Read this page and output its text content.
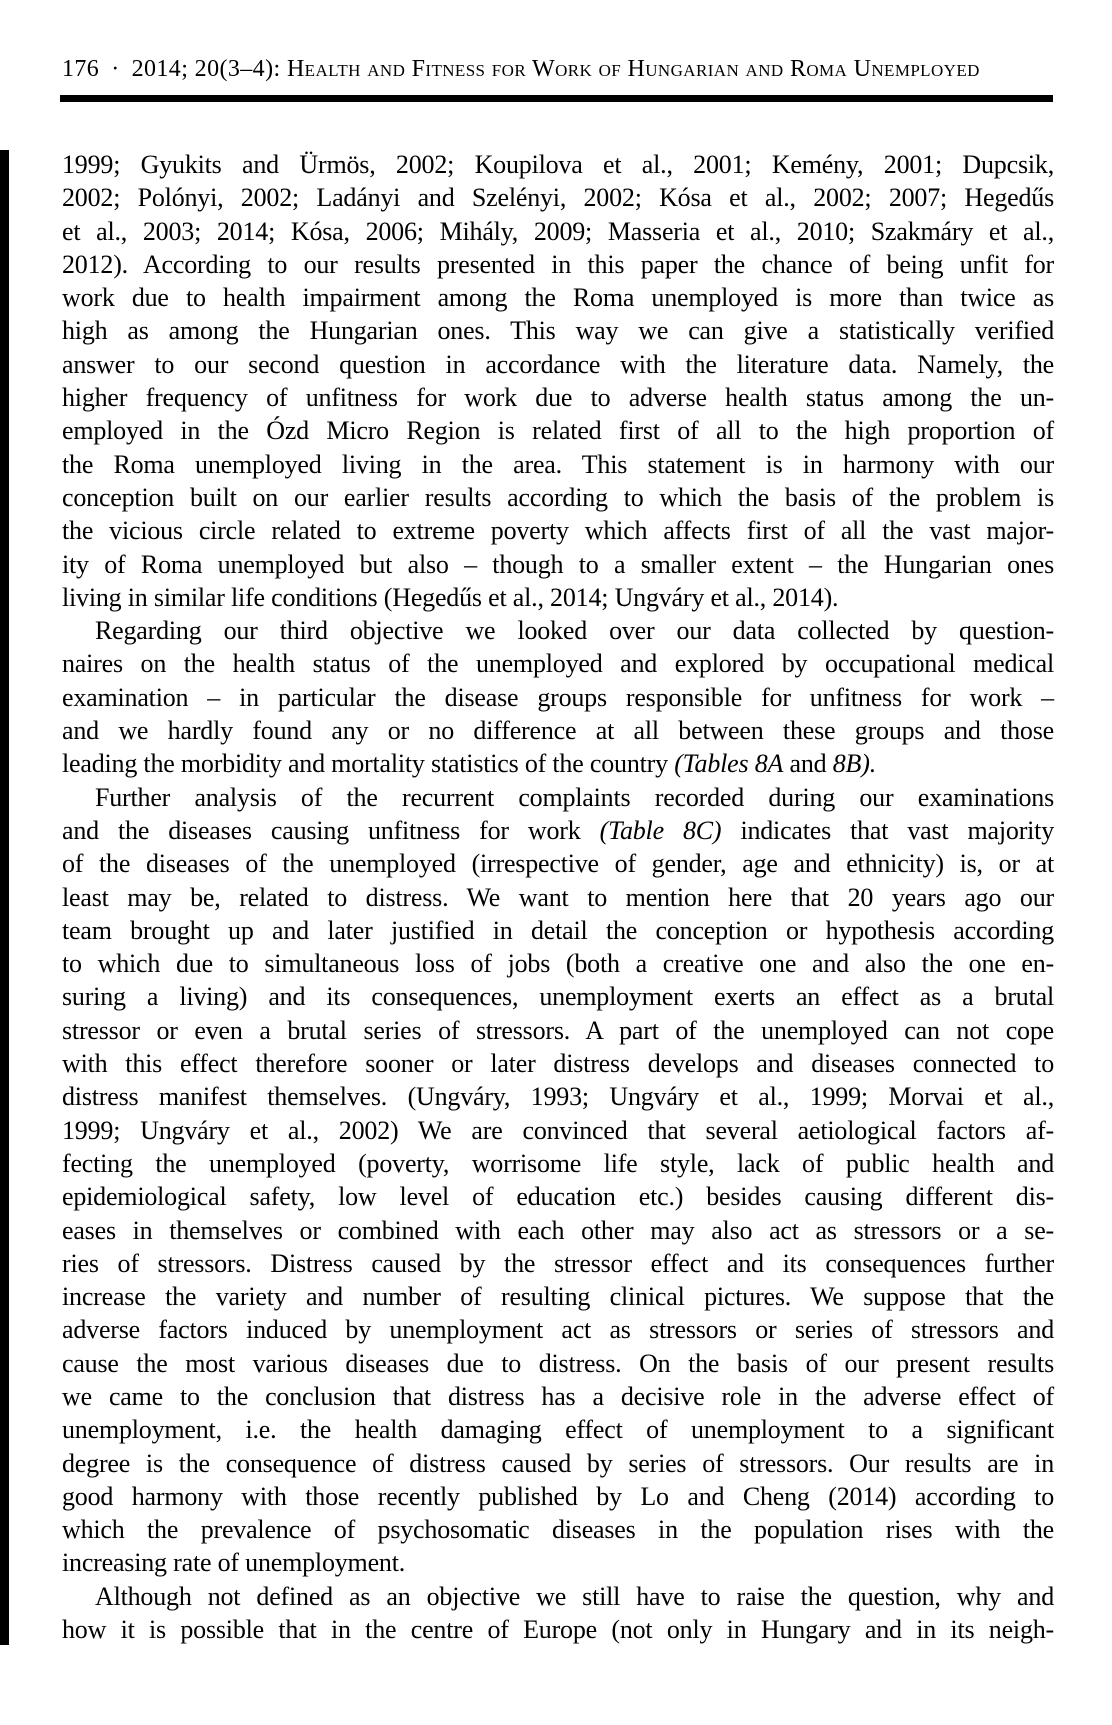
176 · 2014; 20(3–4): Health and Fitness for Work of Hungarian and Roma Unemployed
1999; Gyukits and Ürmös, 2002; Koupilova et al., 2001; Kemény, 2001; Dupcsik,
2002; Polónyi, 2002; Ladányi and Szelényi, 2002; Kósa et al., 2002; 2007; Hegedűs
et al., 2003; 2014; Kósa, 2006; Mihály, 2009; Masseria et al., 2010; Szakmáry et al.,
2012). According to our results presented in this paper the chance of being unfit for
work due to health impairment among the Roma unemployed is more than twice as
high as among the Hungarian ones. This way we can give a statistically verified
answer to our second question in accordance with the literature data. Namely, the
higher frequency of unfitness for work due to adverse health status among the un-
employed in the Ózd Micro Region is related first of all to the high proportion of
the Roma unemployed living in the area. This statement is in harmony with our
conception built on our earlier results according to which the basis of the problem is
the vicious circle related to extreme poverty which affects first of all the vast major-
ity of Roma unemployed but also – though to a smaller extent – the Hungarian ones
living in similar life conditions (Hegedűs et al., 2014; Ungváry et al., 2014).
Regarding our third objective we looked over our data collected by question-
naires on the health status of the unemployed and explored by occupational medical
examination – in particular the disease groups responsible for unfitness for work –
and we hardly found any or no difference at all between these groups and those
leading the morbidity and mortality statistics of the country (Tables 8A and 8B).
Further analysis of the recurrent complaints recorded during our examinations
and the diseases causing unfitness for work (Table 8C) indicates that vast majority
of the diseases of the unemployed (irrespective of gender, age and ethnicity) is, or at
least may be, related to distress. We want to mention here that 20 years ago our
team brought up and later justified in detail the conception or hypothesis according
to which due to simultaneous loss of jobs (both a creative one and also the one en-
suring a living) and its consequences, unemployment exerts an effect as a brutal
stressor or even a brutal series of stressors. A part of the unemployed can not cope
with this effect therefore sooner or later distress develops and diseases connected to
distress manifest themselves. (Ungváry, 1993; Ungváry et al., 1999; Morvai et al.,
1999; Ungváry et al., 2002) We are convinced that several aetiological factors af-
fecting the unemployed (poverty, worrisome life style, lack of public health and
epidemiological safety, low level of education etc.) besides causing different dis-
eases in themselves or combined with each other may also act as stressors or a se-
ries of stressors. Distress caused by the stressor effect and its consequences further
increase the variety and number of resulting clinical pictures. We suppose that the
adverse factors induced by unemployment act as stressors or series of stressors and
cause the most various diseases due to distress. On the basis of our present results
we came to the conclusion that distress has a decisive role in the adverse effect of
unemployment, i.e. the health damaging effect of unemployment to a significant
degree is the consequence of distress caused by series of stressors. Our results are in
good harmony with those recently published by Lo and Cheng (2014) according to
which the prevalence of psychosomatic diseases in the population rises with the
increasing rate of unemployment.
Although not defined as an objective we still have to raise the question, why and
how it is possible that in the centre of Europe (not only in Hungary and in its neigh-
